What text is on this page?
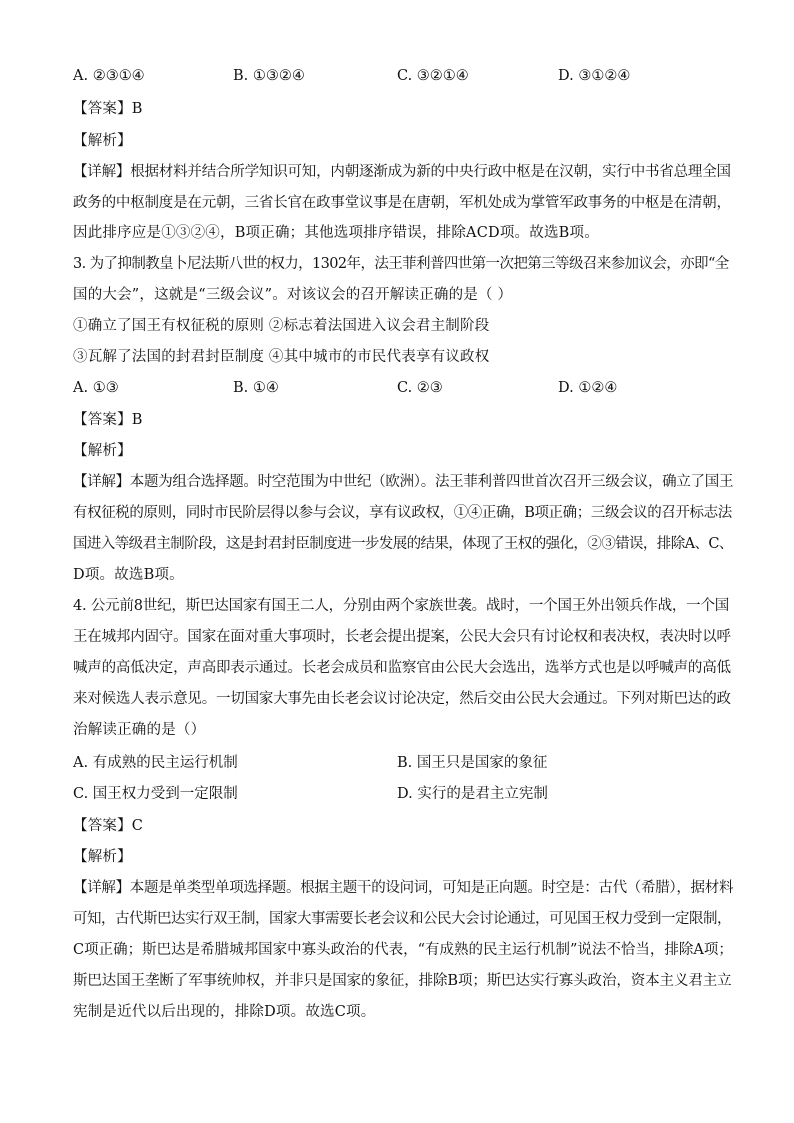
A. ②③①④	B. ①③②④	C. ③②①④	D. ③①②④
【答案】B
【解析】
【详解】根据材料并结合所学知识可知，内朝逐渐成为新的中央行政中枢是在汉朝，实行中书省总理全国
政务的中枢制度是在元朝，三省长官在政事堂议事是在唐朝，军机处成为掌管军政事务的中枢是在清朝，
因此排序应是①③②④，B项正确；其他选项排序错误，排除ACD项。故选B项。
3. 为了抑制教皇卜尼法斯八世的权力，1302年，法王菲利普四世第一次把第三等级召来参加议会，亦即“全
国的大会”，这就是“三级会议”。对该议会的召开解读正确的是（ ）
①确立了国王有权征税的原则 ②标志着法国进入议会君主制阶段
③瓦解了法国的封君封臣制度 ④其中城市的市民代表享有议政权
A. ①③	B. ①④	C. ②③	D. ①②④
【答案】B
【解析】
【详解】本题为组合选择题。时空范围为中世纪（欧洲）。法王菲利普四世首次召开三级会议，确立了国王
有权征税的原则，同时市民阶层得以参与会议，享有议政权，①④正确，B项正确；三级会议的召开标志法
国进入等级君主制阶段，这是封君封臣制度进一步发展的结果，体现了王权的强化，②③错误，排除A、C、
D项。故选B项。
4. 公元前8世纪，斯巴达国家有国王二人，分别由两个家族世袭。战时，一个国王外出领兵作战，一个国
王在城邦内固守。国家在面对重大事项时，长老会提出提案，公民大会只有讨论权和表决权，表决时以呼
喊声的高低决定，声高即表示通过。长老会成员和监察官由公民大会选出，选举方式也是以呼喊声的高低
来对候选人表示意见。一切国家大事先由长老会议讨论决定，然后交由公民大会通过。下列对斯巴达的政
治解读正确的是（）
A. 有成熟的民主运行机制	B. 国王只是国家的象征
C. 国王权力受到一定限制	D. 实行的是君主立宪制
【答案】C
【解析】
【详解】本题是单类型单项选择题。根据主题干的设问词，可知是正向题。时空是：古代（希腊），据材料
可知，古代斯巴达实行双王制，国家大事需要长老会议和公民大会讨论通过，可见国王权力受到一定限制，
C项正确；斯巴达是希腊城邦国家中寡头政治的代表，“有成熟的民主运行机制”说法不恰当，排除A项；
斯巴达国王垄断了军事统帅权，并非只是国家的象征，排除B项；斯巴达实行寡头政治，资本主义君主立
宪制是近代以后出现的，排除D项。故选C项。
